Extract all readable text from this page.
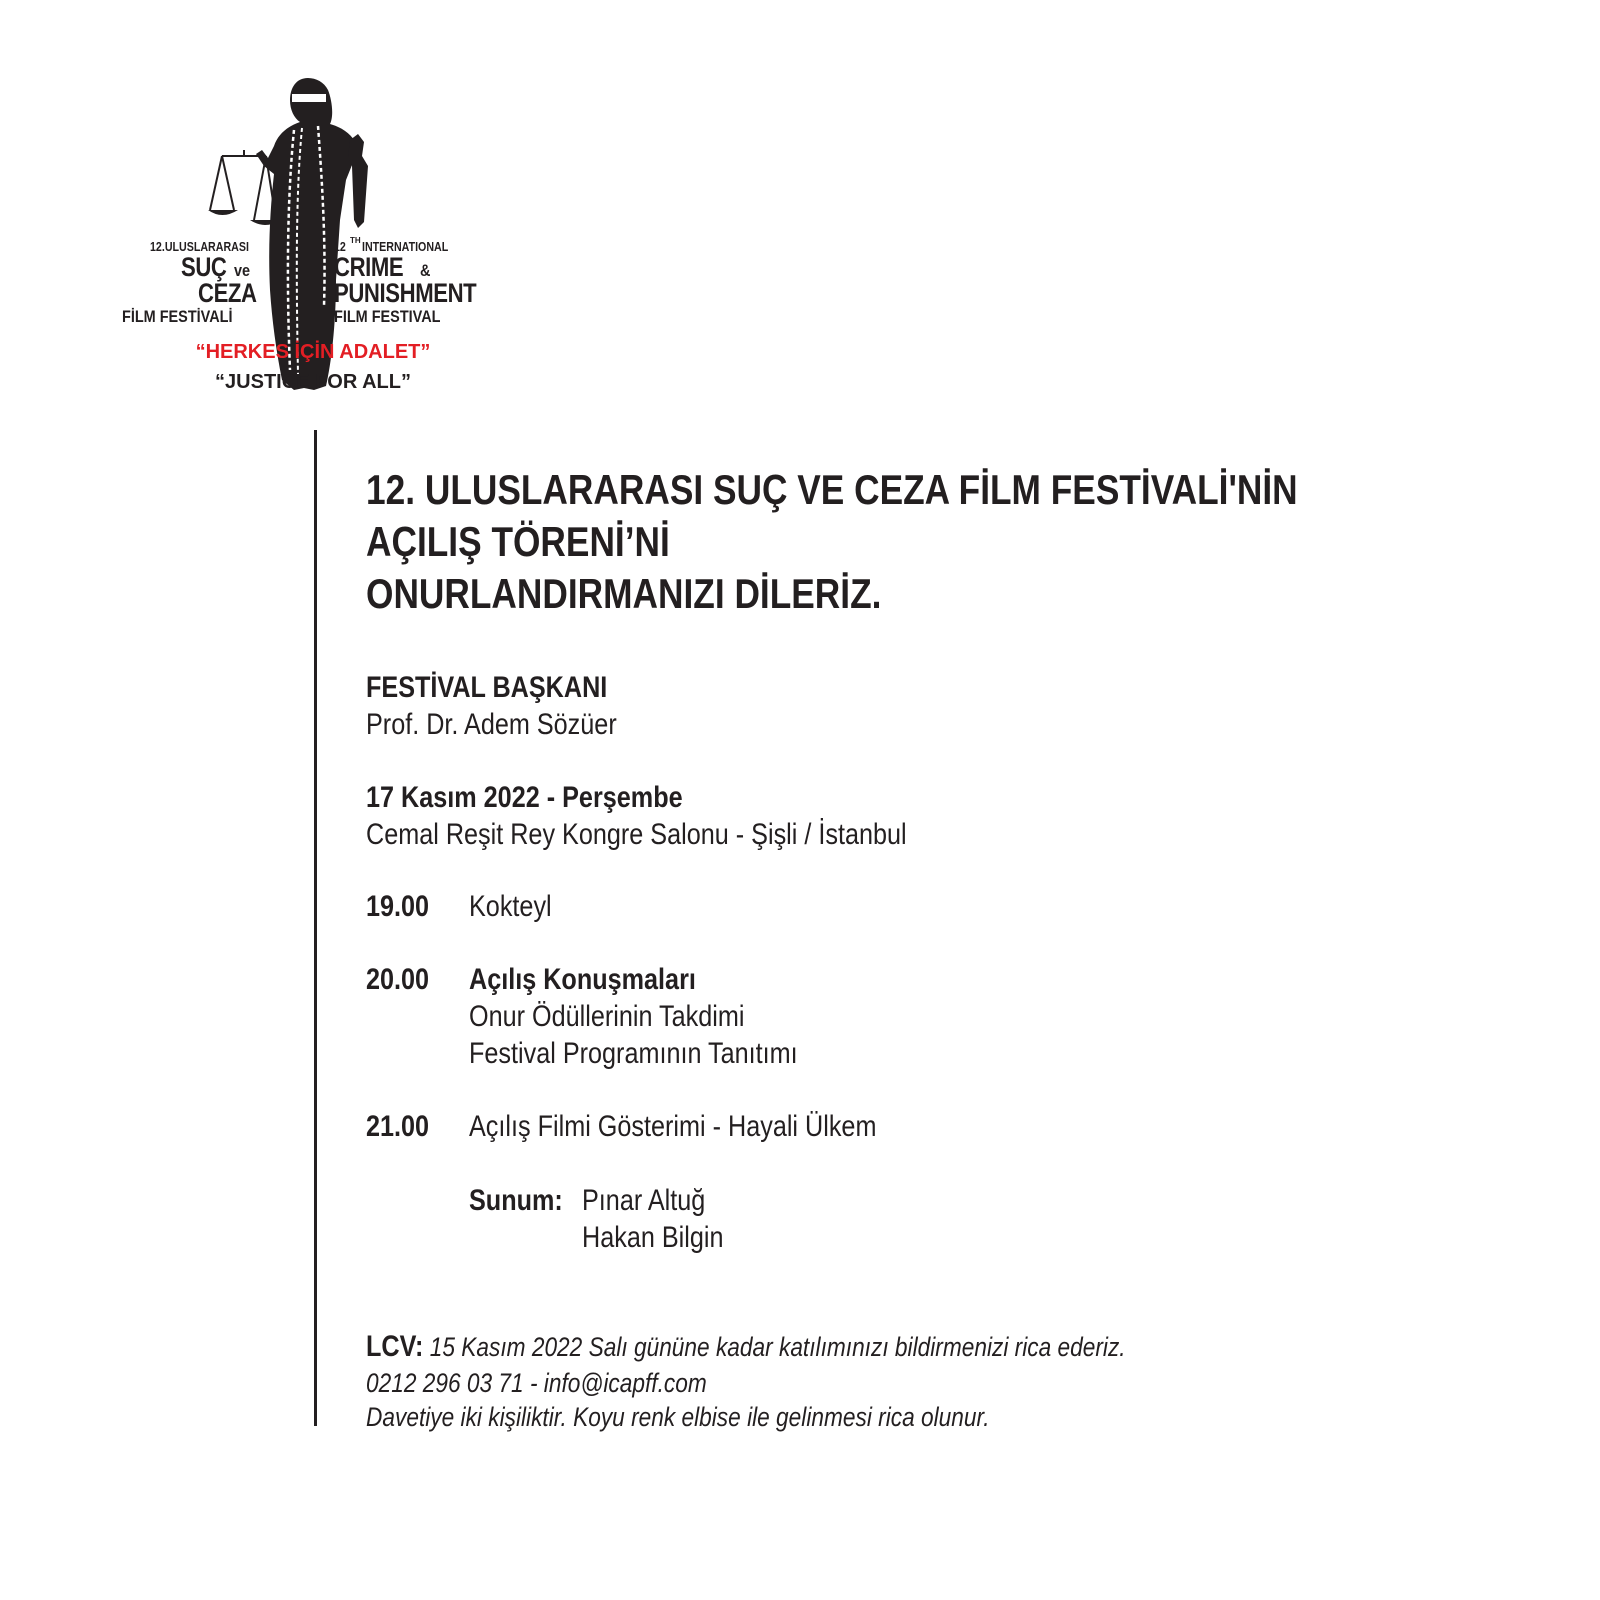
12.ULUSLARARASI
SUÇ ve
CEZA
FİLM FESTİVALİ
12 TH INTERNATIONAL
CRIME &
PUNISHMENT
FILM FESTIVAL
“HERKES İÇİN ADALET”
“JUSTICE FOR ALL”
12. ULUSLARARASI SUÇ VE CEZA FİLM FESTİVALİ'NİN
AÇILIŞ TÖRENİ’Nİ
ONURLANDIRMANIZI DİLERİZ.
FESTİVAL BAŞKANI
Prof. Dr. Adem Sözüer
17 Kasım 2022 - Perşembe
Cemal Reşit Rey Kongre Salonu - Şişli / İstanbul
19.00	Kokteyl
20.00	Açılış Konuşmaları
Onur Ödüllerinin Takdimi
Festival Programının Tanıtımı
21.00	Açılış Filmi Gösterimi - Hayali Ülkem
Sunum: Pınar Altuğ
Hakan Bilgin
LCV: 15 Kasım 2022 Salı gününe kadar katılımınızı bildirmenizi rica ederiz.
0212 296 03 71 - info@icapff.com
Davetiye iki kişiliktir. Koyu renk elbise ile gelinmesi rica olunur.
